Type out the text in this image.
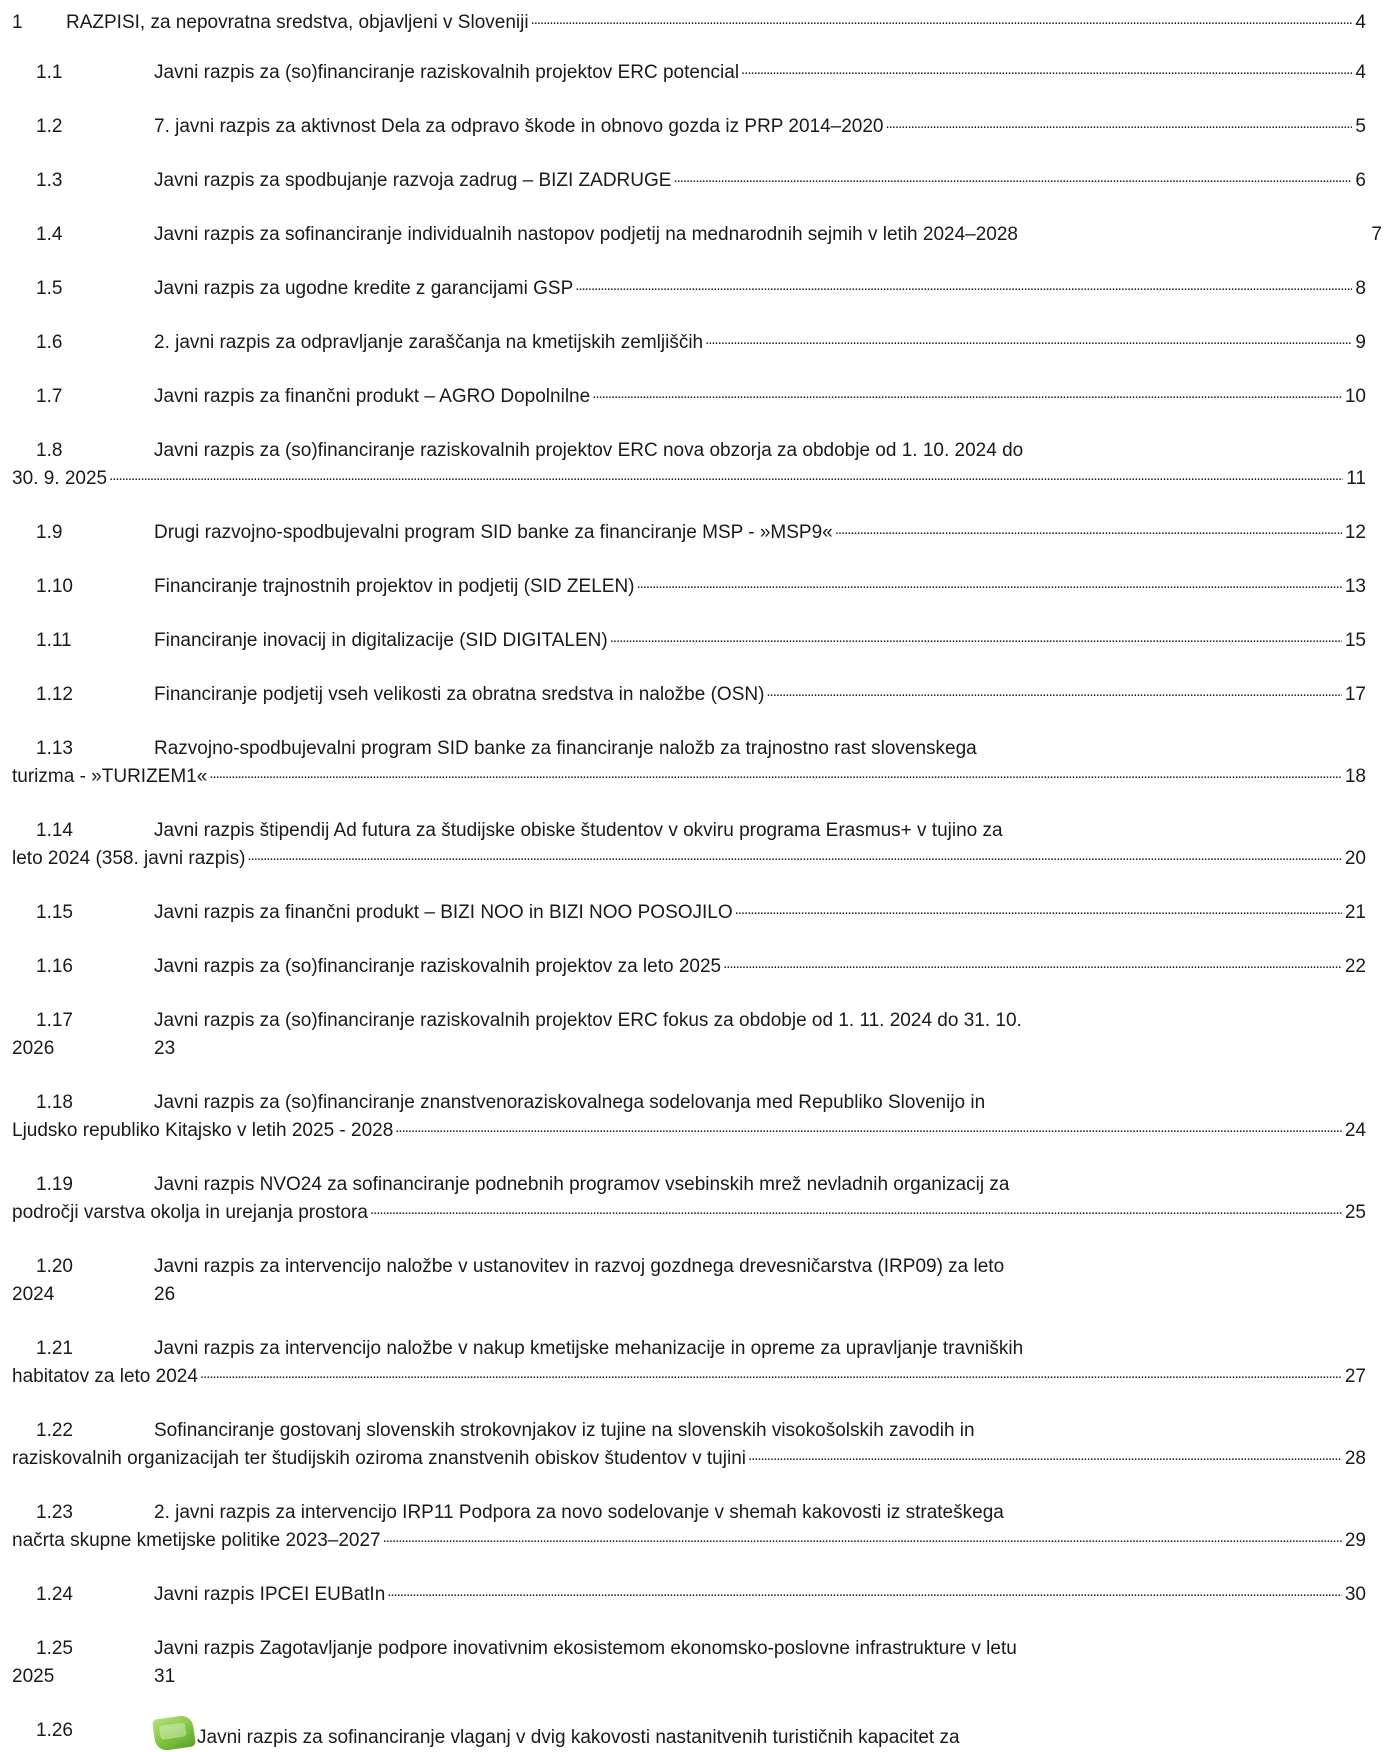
1 RAZPISI, za nepovratna sredstva, objavljeni v Sloveniji	4
. . .
1.1	Javni razpis za (so)financiranje raziskovalnih projektov ERC potencial	4
. . .
1.2	7. javni razpis za aktivnost Dela za odpravo škode in obnovo gozda iz PRP 2014–2020	5
. . .
1.3	Javni razpis za spodbujanje razvoja zadrug – BIZI ZADRUGE	6
. . .
1.4	Javni razpis za sofinanciranje individualnih nastopov podjetij na mednarodnih sejmih v letih 2024–2028	7
1.5	Javni razpis za ugodne kredite z garancijami GSP	8
. . .
1.6	2. javni razpis za odpravljanje zaraščanja na kmetijskih zemljiščih	9
. . .
1.7	Javni razpis za finančni produkt – AGRO Dopolnilne	10
. . .
1.8	Javni razpis za (so)financiranje raziskovalnih projektov ERC nova obzorja za obdobje od 1. 10. 2024 do
30. 9. 2025	11
. . .
1.9	Drugi razvojno-spodbujevalni program SID banke za financiranje MSP - »MSP9«	12
. . .
1.10	Financiranje trajnostnih projektov in podjetij (SID ZELEN)	13
. . .
1.11	Financiranje inovacij in digitalizacije (SID DIGITALEN)	15
. . .
1.12	Financiranje podjetij vseh velikosti za obratna sredstva in naložbe (OSN)	17
. . .
1.13	Razvojno-spodbujevalni program SID banke za financiranje naložb za trajnostno rast slovenskega
turizma - »TURIZEM1«	18
. . .
1.14	Javni razpis štipendij Ad futura za študijske obiske študentov v okviru programa Erasmus+ v tujino za
leto 2024 (358. javni razpis)	20
. . .
1.15	Javni razpis za finančni produkt – BIZI NOO in BIZI NOO POSOJILO	21
. . .
1.16	Javni razpis za (so)financiranje raziskovalnih projektov za leto 2025	22
. . .
1.17	Javni razpis za (so)financiranje raziskovalnih projektov ERC fokus za obdobje od 1. 11. 2024 do 31. 10.
2026	23
1.18	Javni razpis za (so)financiranje znanstvenoraziskovalnega sodelovanja med Republiko Slovenijo in
Ljudsko republiko Kitajsko v letih 2025 - 2028	24
. . .
1.19	Javni razpis NVO24 za sofinanciranje podnebnih programov vsebinskih mrež nevladnih organizacij za
področji varstva okolja in urejanja prostora	25
. . .
1.20	Javni razpis za intervencijo naložbe v ustanovitev in razvoj gozdnega drevesničarstva (IRP09) za leto
2024	26
1.21	Javni razpis za intervencijo naložbe v nakup kmetijske mehanizacije in opreme za upravljanje travniških
habitatov za leto 2024	27
. . .
1.22	Sofinanciranje gostovanj slovenskih strokovnjakov iz tujine na slovenskih visokošolskih zavodih in
raziskovalnih organizacijah ter študijskih oziroma znanstvenih obiskov študentov v tujini	28
. . .
1.23	2. javni razpis za intervencijo IRP11 Podpora za novo sodelovanje v shemah kakovosti iz strateškega
načrta skupne kmetijske politike 2023–2027	29
. . .
1.24	Javni razpis IPCEI EUBatIn	30
. . .
1.25	Javni razpis Zagotavljanje podpore inovativnim ekosistemom ekonomsko-poslovne infrastrukture v letu
2025	31
1.26	Javni razpis za sofinanciranje vlaganj v dvig kakovosti nastanitvenih turističnih kapacitet za
